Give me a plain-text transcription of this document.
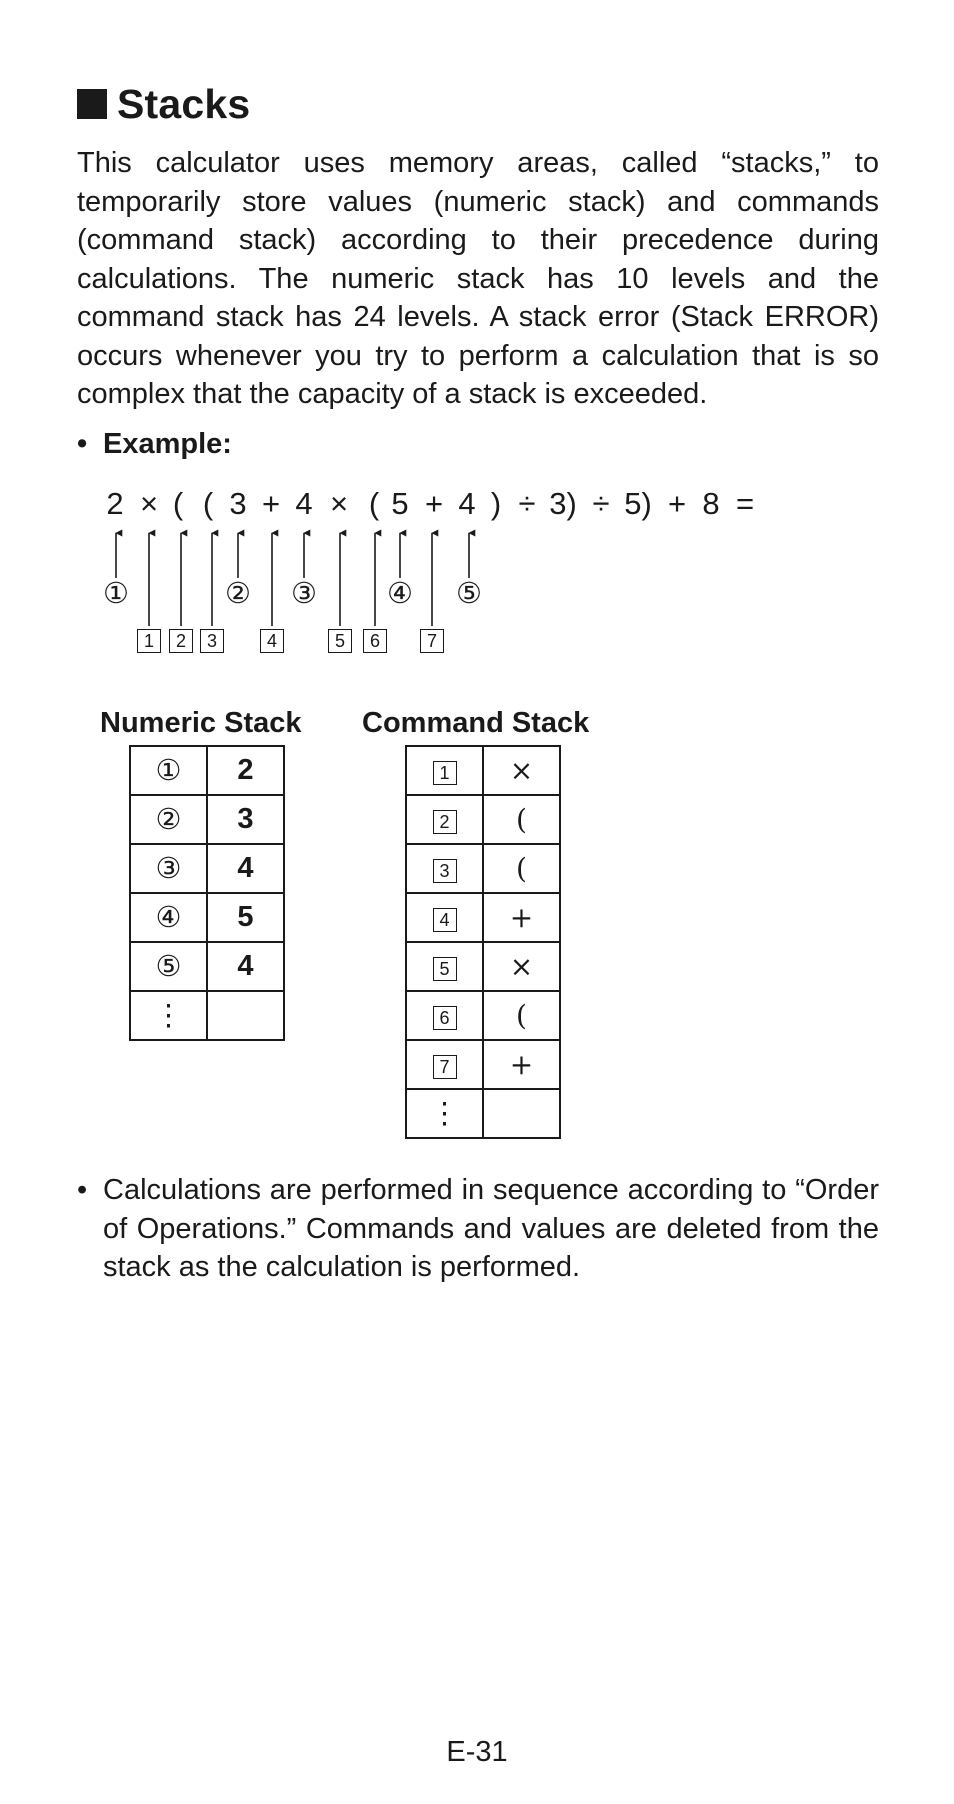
Stacks

This calculator uses memory areas, called “stacks,” to temporarily store values (numeric stack) and commands (command stack) according to their precedence during calculations. The numeric stack has 10 levels and the command stack has 24 levels. A stack error (Stack ERROR) occurs whenever you try to perform a calculation that is so complex that the capacity of a stack is exceeded.

• Example:
2 × ( ( 3 + 4 × ( 5 + 4 ) ÷ 3) ÷ 5) + 8 =
①	② ③ ④ ⑤
1	2	3	4	5	6	7
Numeric Stack
①	2
②	3
③	4
④	5
⑤	4
⋮	
Command Stack
1	×
2	(
3	(
4	+
5	×
6	(
7	+
⋮	
• Calculations are performed in sequence according to “Order of Operations.” Commands and values are deleted from the stack as the calculation is performed.

E-31
